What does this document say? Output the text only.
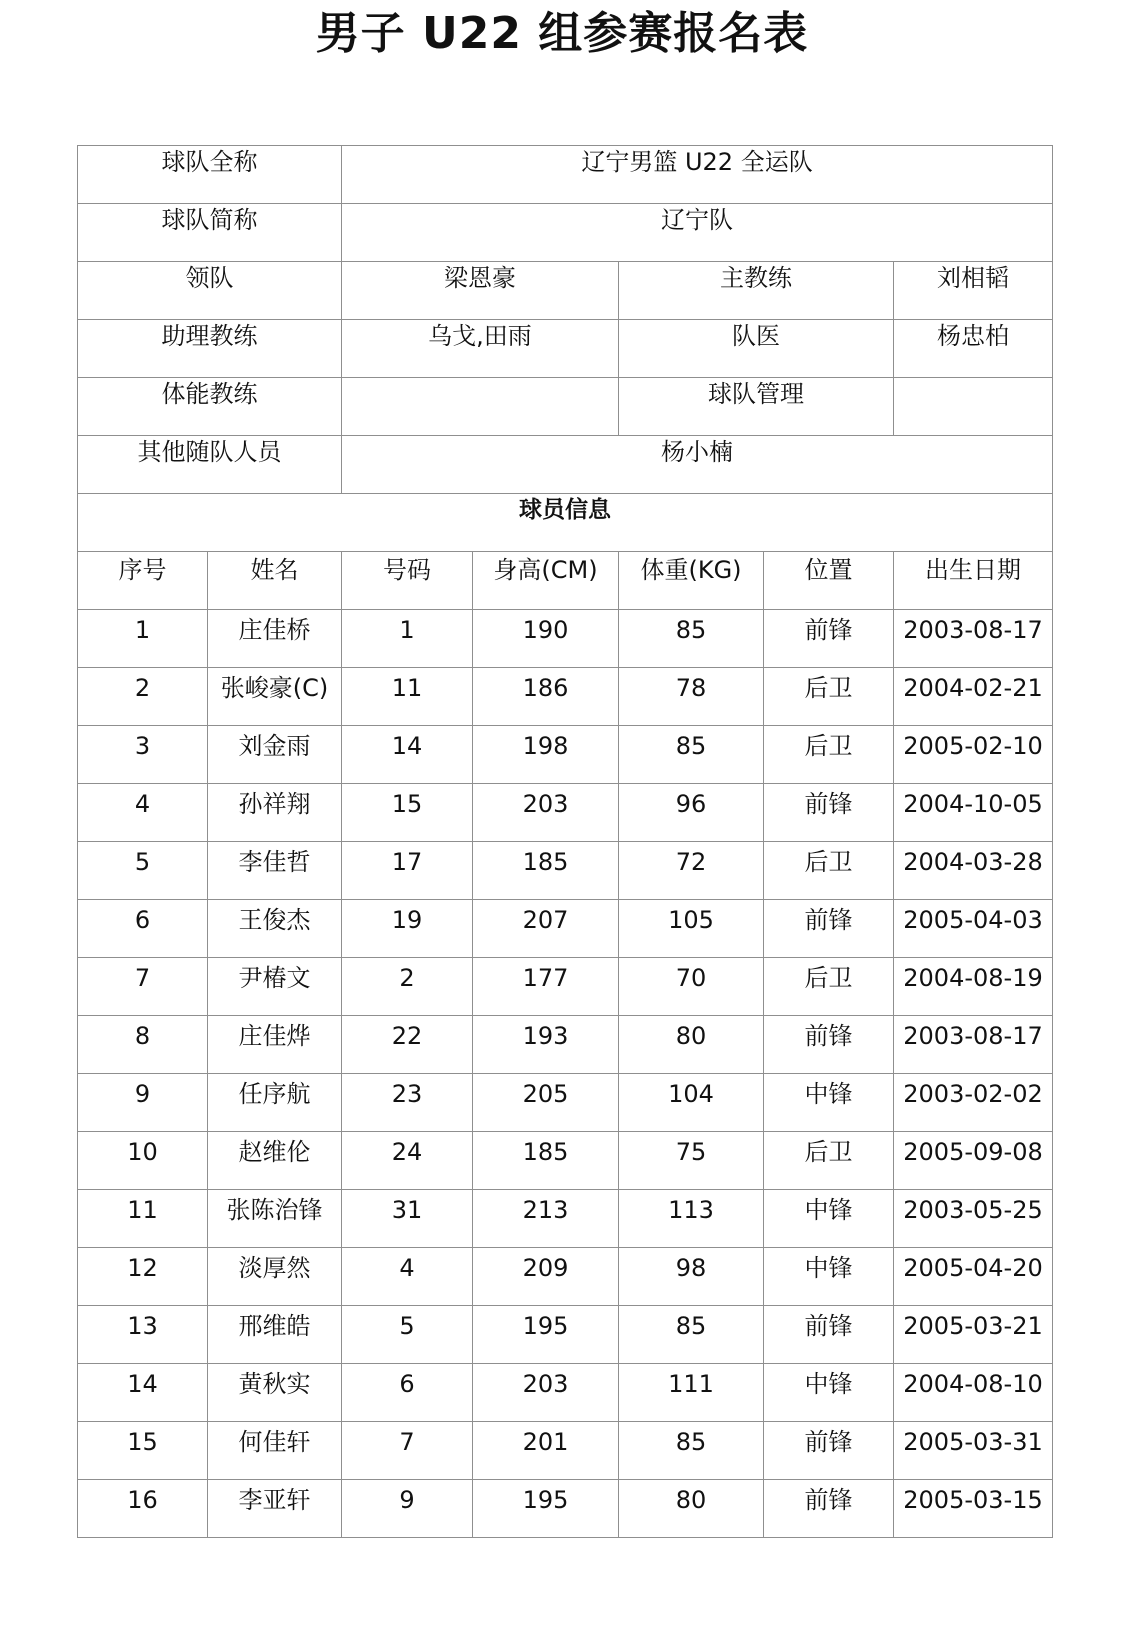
男子 U22 组参赛报名表
球队全称		辽宁男篮 U22 全运队				
球队简称		辽宁队				
领队		梁恩豪		主教练		刘相韬
助理教练		乌戈,田雨		队医		杨忠柏
体能教练				球队管理		
其他随队人员		杨小楠				
球员信息						
序号	姓名	号码	身高(CM)	体重(KG)	位置	出生日期
1	庄佳桥	1	190	85	前锋	2003-08-17
2	张峻豪(C)	11	186	78	后卫	2004-02-21
3	刘金雨	14	198	85	后卫	2005-02-10
4	孙祥翔	15	203	96	前锋	2004-10-05
5	李佳哲	17	185	72	后卫	2004-03-28
6	王俊杰	19	207	105	前锋	2005-04-03
7	尹椿文	2	177	70	后卫	2004-08-19
8	庄佳烨	22	193	80	前锋	2003-08-17
9	任序航	23	205	104	中锋	2003-02-02
10	赵维伦	24	185	75	后卫	2005-09-08
11	张陈治锋	31	213	113	中锋	2003-05-25
12	淡厚然	4	209	98	中锋	2005-04-20
13	邢维皓	5	195	85	前锋	2005-03-21
14	黄秋实	6	203	111	中锋	2004-08-10
15	何佳轩	7	201	85	前锋	2005-03-31
16	李亚轩	9	195	80	前锋	2005-03-15
